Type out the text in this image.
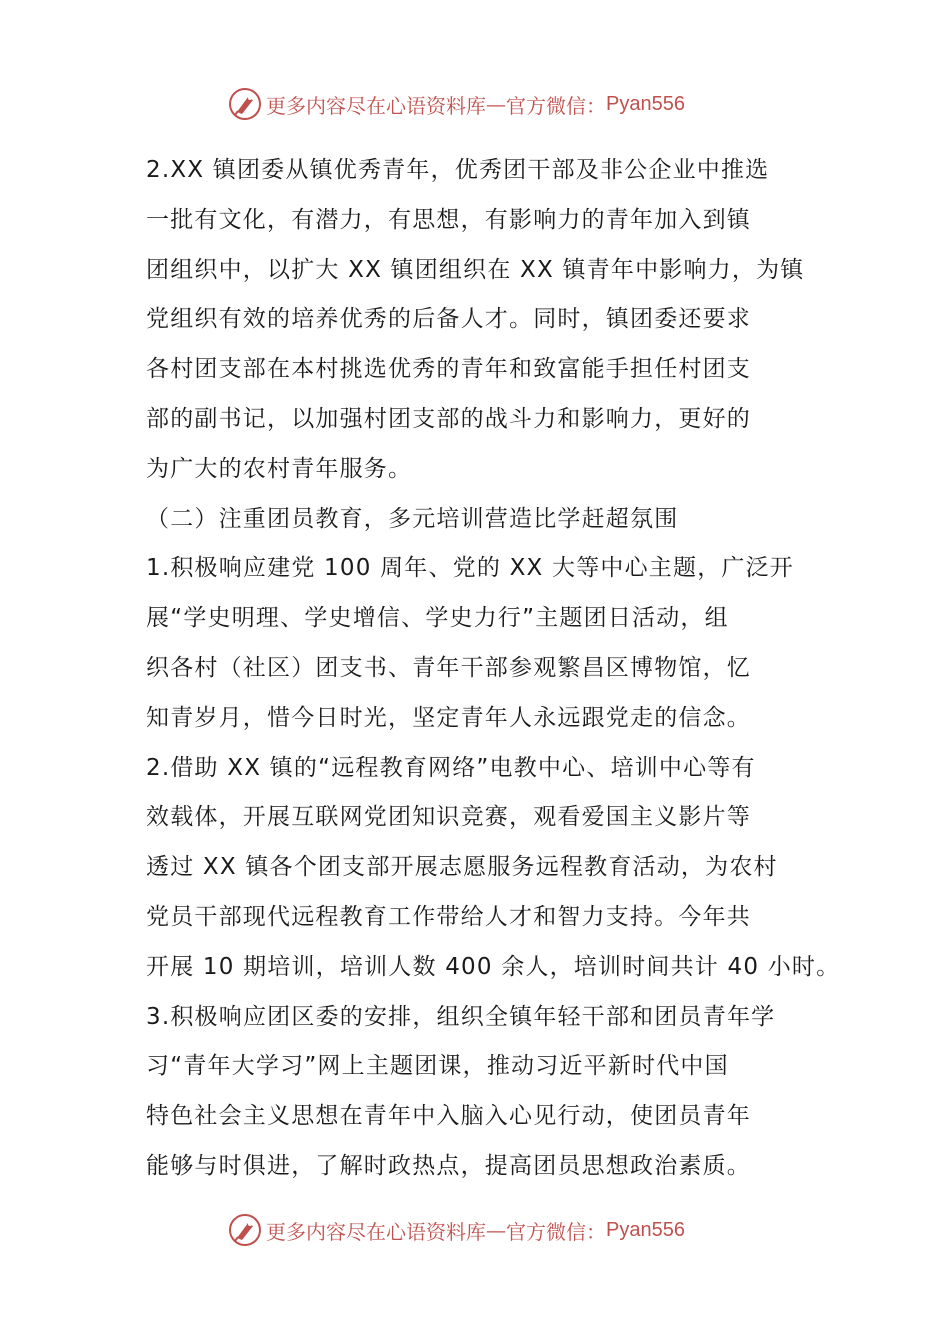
更多内容尽在心语资料库 — 官方微信： Pyan556
2.XX 镇团委从镇优秀青年，优秀团干部及非公企业中推选
一批有文化，有潜力，有思想，有影响力的青年加入到镇
团组织中，以扩大 XX 镇团组织在 XX 镇青年中影响力，为镇
党组织有效的培养优秀的后备人才。同时，镇团委还要求
各村团支部在本村挑选优秀的青年和致富能手担任村团支
部的副书记，以加强村团支部的战斗力和影响力，更好的
为广大的农村青年服务。
（二）注重团员教育，多元培训营造比学赶超氛围
1.积极响应建党 100 周年、党的 XX 大等中心主题，广泛开
展“学史明理、学史增信、学史力行”主题团日活动，组
织各村（社区）团支书、青年干部参观繁昌区博物馆，忆
知青岁月，惜今日时光，坚定青年人永远跟党走的信念。
2.借助 XX 镇的“远程教育网络”电教中心、培训中心等有
效载体，开展互联网党团知识竞赛，观看爱国主义影片等
透过 XX 镇各个团支部开展志愿服务远程教育活动，为农村
党员干部现代远程教育工作带给人才和智力支持。今年共
开展 10 期培训，培训人数 400 余人，培训时间共计 40 小时。
3.积极响应团区委的安排，组织全镇年轻干部和团员青年学
习“青年大学习”网上主题团课，推动习近平新时代中国
特色社会主义思想在青年中入脑入心见行动，使团员青年
能够与时俱进，了解时政热点，提高团员思想政治素质。
更多内容尽在心语资料库 — 官方微信： Pyan556
